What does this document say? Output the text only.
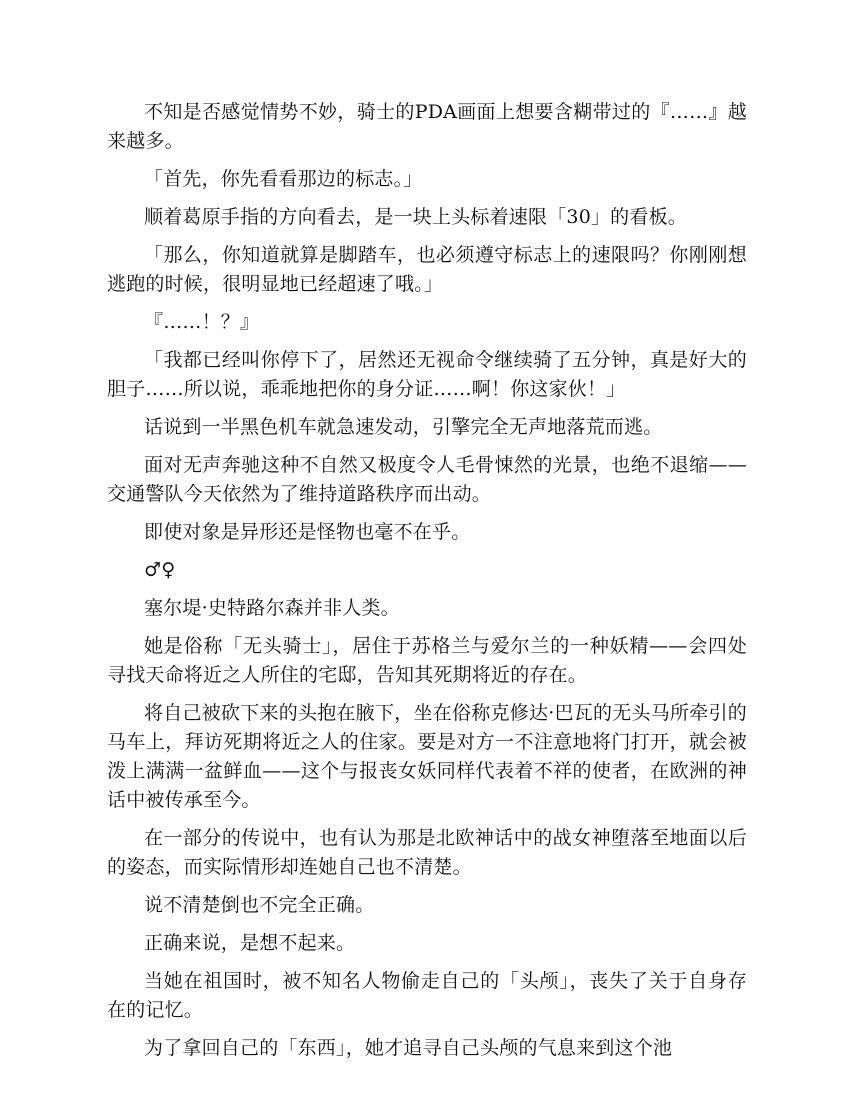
不知是否感觉情势不妙，骑士的PDA画面上想要含糊带过的『……』越来越多。

「首先，你先看看那边的标志。」

顺着葛原手指的方向看去，是一块上头标着速限「30」的看板。

「那么，你知道就算是脚踏车，也必须遵守标志上的速限吗？你刚刚想逃跑的时候，很明显地已经超速了哦。」

『……！？』

「我都已经叫你停下了，居然还无视命令继续骑了五分钟，真是好大的胆子……所以说，乖乖地把你的身分证……啊！你这家伙！」

话说到一半黑色机车就急速发动，引擎完全无声地落荒而逃。

面对无声奔驰这种不自然又极度令人毛骨悚然的光景，也绝不退缩——交通警队今天依然为了维持道路秩序而出动。

即使对象是异形还是怪物也毫不在乎。

♂♀

塞尔堤·史特路尔森并非人类。

她是俗称「无头骑士」，居住于苏格兰与爱尔兰的一种妖精——会四处寻找天命将近之人所住的宅邸，告知其死期将近的存在。

将自己被砍下来的头抱在腋下，坐在俗称克修达·巴瓦的无头马所牵引的马车上，拜访死期将近之人的住家。要是对方一不注意地将门打开，就会被泼上满满一盆鲜血——这个与报丧女妖同样代表着不祥的使者，在欧洲的神话中被传承至今。

在一部分的传说中，也有认为那是北欧神话中的战女神堕落至地面以后的姿态，而实际情形却连她自己也不清楚。

说不清楚倒也不完全正确。

正确来说，是想不起来。

当她在祖国时，被不知名人物偷走自己的「头颅」，丧失了关于自身存在的记忆。

为了拿回自己的「东西」，她才追寻自己头颅的气息来到这个池
